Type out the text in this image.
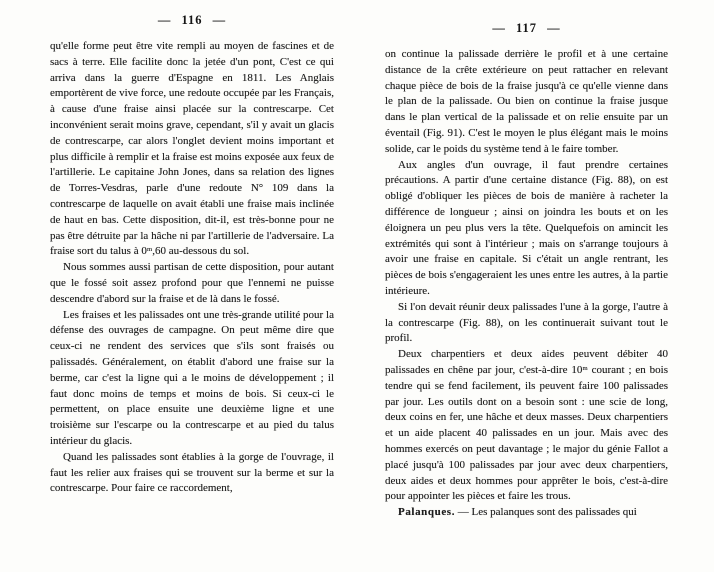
— 116 —

qu'elle forme peut être vite rempli au moyen de fascines et de sacs à terre. Elle facilite donc la jetée d'un pont, C'est ce qui arriva dans la guerre d'Espagne en 1811. Les Anglais emportèrent de vive force, une redoute occupée par les Français, à cause d'une fraise ainsi placée sur la contrescarpe. Cet inconvénient serait moins grave, cependant, s'il y avait un glacis de contrescarpe, car alors l'onglet devient moins important et plus difficile à remplir et la fraise est moins exposée aux feux de l'artillerie. Le capitaine John Jones, dans sa relation des lignes de Torres-Vesdras, parle d'une redoute N° 109 dans la contrescarpe de laquelle on avait établi une fraise mais inclinée de haut en bas. Cette disposition, dit-il, est très-bonne pour ne pas être détruite par la hâche ni par l'artillerie de l'adversaire. La fraise sort du talus à 0ᵐ,60 au-dessous du sol.

Nous sommes aussi partisan de cette disposition, pour autant que le fossé soit assez profond pour que l'ennemi ne puisse descendre d'abord sur la fraise et de là dans le fossé.

Les fraises et les palissades ont une très-grande utilité pour la défense des ouvrages de campagne. On peut même dire que ceux-ci ne rendent des services que s'ils sont fraisés ou palissadés. Généralement, on établit d'abord une fraise sur la berme, car c'est la ligne qui a le moins de développement ; il faut donc moins de temps et moins de bois. Si ceux-ci le permettent, on place ensuite une deuxième ligne et une troisième sur l'escarpe ou la contrescarpe et au pied du talus intérieur du glacis.

Quand les palissades sont établies à la gorge de l'ouvrage, il faut les relier aux fraises qui se trouvent sur la berme et sur la contrescarpe. Pour faire ce raccordement,

— 117 —

on continue la palissade derrière le profil et à une certaine distance de la crête extérieure on peut rattacher en relevant chaque pièce de bois de la fraise jusqu'à ce qu'elle vienne dans le plan de la palissade. Ou bien on continue la fraise jusque dans le plan vertical de la palissade et on relie ensuite par un éventail (Fig. 91). C'est le moyen le plus élégant mais le moins solide, car le poids du système tend à le faire tomber.

Aux angles d'un ouvrage, il faut prendre certaines précautions. A partir d'une certaine distance (Fig. 88), on est obligé d'obliquer les pièces de bois de manière à racheter la différence de longueur ; ainsi on joindra les bouts et on les éloignera un peu plus vers la tête. Quelquefois on amincit les extrémités qui sont à l'intérieur ; mais on s'arrange toujours à avoir une fraise en capitale. Si c'était un angle rentrant, les pièces de bois s'engageraient les unes entre les autres, à la partie intérieure.

Si l'on devait réunir deux palissades l'une à la gorge, l'autre à la contrescarpe (Fig. 88), on les continuerait suivant tout le profil.

Deux charpentiers et deux aides peuvent débiter 40 palissades en chêne par jour, c'est-à-dire 10ᵐ courant ; en bois tendre qui se fend facilement, ils peuvent faire 100 palissades par jour. Les outils dont on a besoin sont : une scie de long, deux coins en fer, une hâche et deux masses. Deux charpentiers et un aide placent 40 palissades en un jour. Mais avec des hommes exercés on peut davantage ; le major du génie Fallot a placé jusqu'à 100 palissades par jour avec deux charpentiers, deux aides et deux hommes pour apprêter le bois, c'est-à-dire pour appointer les pièces et faire les trous.

Palanques. — Les palanques sont des palissades qui
